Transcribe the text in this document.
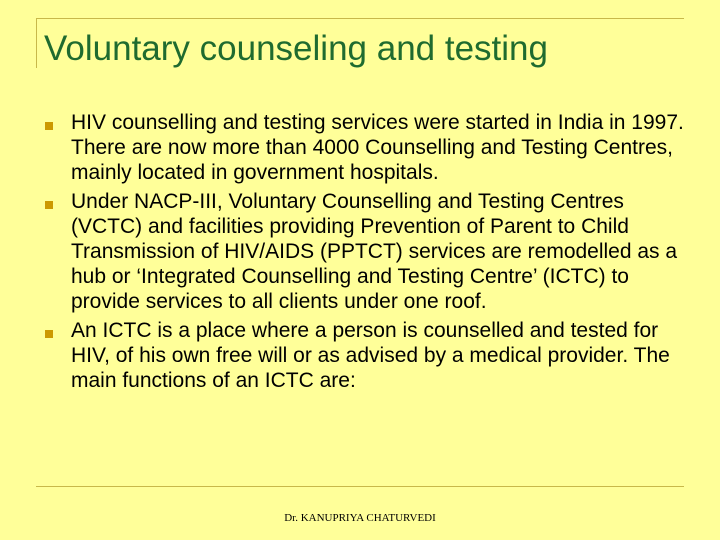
Voluntary counseling and testing
HIV counselling and testing services were started in India in 1997. There are now more than 4000 Counselling and Testing Centres, mainly located in government hospitals.
Under NACP-III, Voluntary Counselling and Testing Centres (VCTC) and facilities providing Prevention of Parent to Child Transmission of HIV/AIDS (PPTCT) services are remodelled as a hub or ‘Integrated Counselling and Testing Centre’ (ICTC) to provide services to all clients under one roof.
An ICTC is a place where a person is counselled and tested for HIV, of his own free will or as advised by a medical provider. The main functions of an ICTC are:
Dr. KANUPRIYA CHATURVEDI
